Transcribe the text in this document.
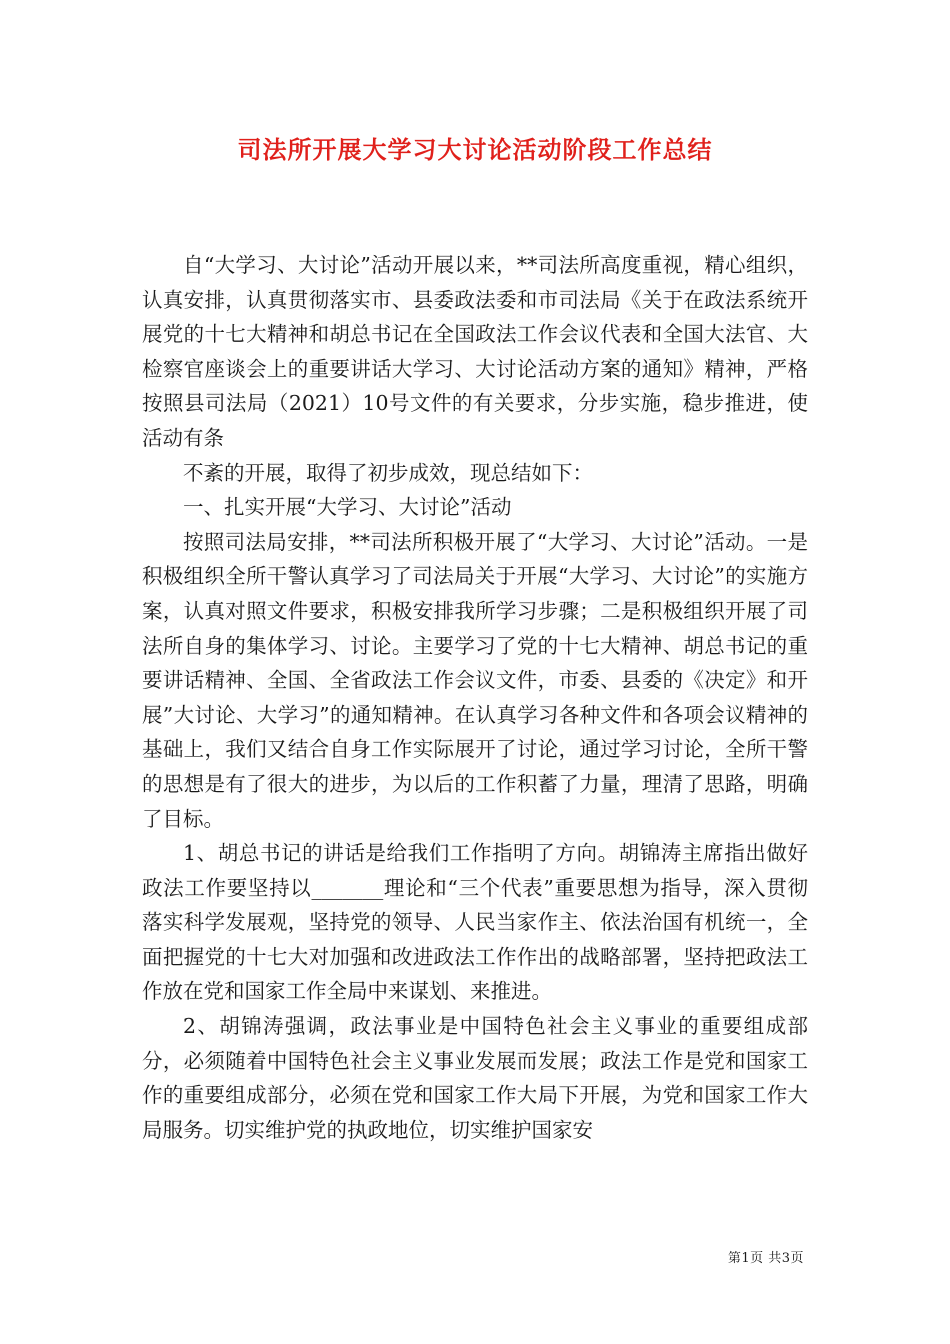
司法所开展大学习大讨论活动阶段工作总结

自“大学习、大讨论”活动开展以来，**司法所高度重视，精心组织，认真安排，认真贯彻落实市、县委政法委和市司法局《关于在政法系统开展党的十七大精神和胡总书记在全国政法工作会议代表和全国大法官、大检察官座谈会上的重要讲话大学习、大讨论活动方案的通知》精神，严格按照县司法局（2021）10号文件的有关要求，分步实施，稳步推进，使活动有条

不紊的开展，取得了初步成效，现总结如下：

一、扎实开展“大学习、大讨论”活动

按照司法局安排，**司法所积极开展了“大学习、大讨论”活动。一是积极组织全所干警认真学习了司法局关于开展“大学习、大讨论”的实施方案，认真对照文件要求，积极安排我所学习步骤；二是积极组织开展了司法所自身的集体学习、讨论。主要学习了党的十七大精神、胡总书记的重要讲话精神、全国、全省政法工作会议文件，市委、县委的《决定》和开展”大讨论、大学习”的通知精神。在认真学习各种文件和各项会议精神的基础上，我们又结合自身工作实际展开了讨论，通过学习讨论，全所干警的思想是有了很大的进步，为以后的工作积蓄了力量，理清了思路，明确了目标。

1、胡总书记的讲话是给我们工作指明了方向。胡锦涛主席指出做好政法工作要坚持以_______理论和“三个代表”重要思想为指导，深入贯彻落实科学发展观，坚持党的领导、人民当家作主、依法治国有机统一，全面把握党的十七大对加强和改进政法工作作出的战略部署，坚持把政法工作放在党和国家工作全局中来谋划、来推进。

2、胡锦涛强调，政法事业是中国特色社会主义事业的重要组成部分，必须随着中国特色社会主义事业发展而发展；政法工作是党和国家工作的重要组成部分，必须在党和国家工作大局下开展，为党和国家工作大局服务。切实维护党的执政地位，切实维护国家安

第1页 共3页
